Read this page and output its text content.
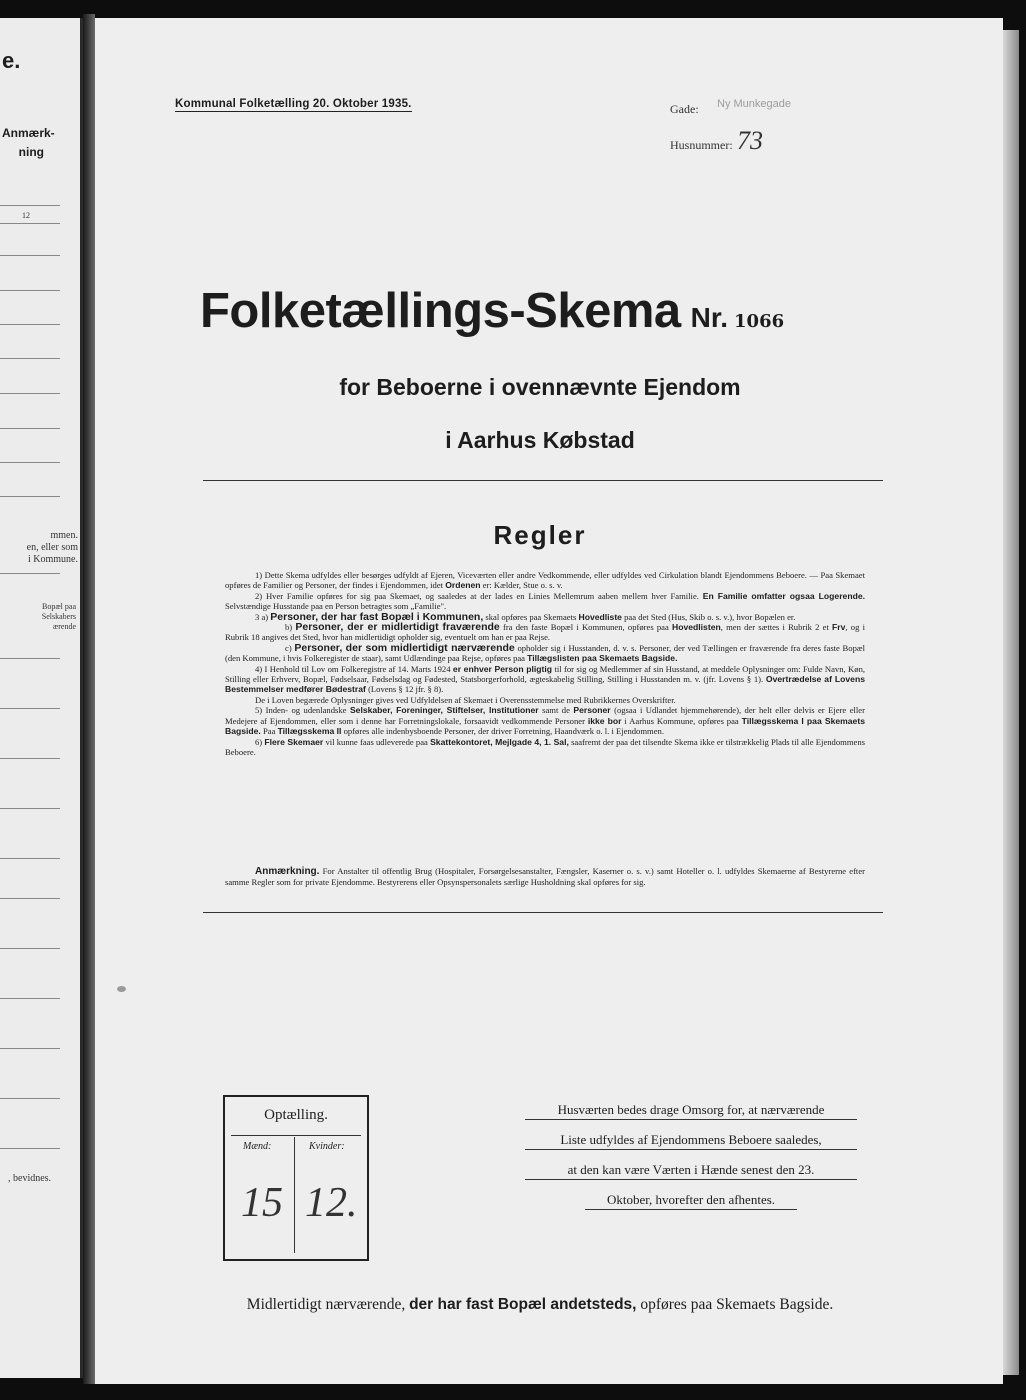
e.
Anmærk-
ning
12
mmen.
en, eller som
i Kommune.
Bopæl paa
Selskabers
ærende
, bevidnes.
Kommunal Folketælling 20. Oktober 1935.	Gade: Ny Munkegade
Husnummer: 73
Folketællings-Skema Nr. 1066
for Beboerne i ovennævnte Ejendom
i Aarhus Købstad
Regler

1) Dette Skema udfyldes eller besørges udfyldt af Ejeren, Viceværten eller andre Vedkommende, eller udfyldes ved Cirkulation blandt Ejendommens Beboere. — Paa Skemaet opføres de Familier og Personer, der findes i Ejendommen, idet Ordenen er: Kælder, Stue o. s. v.

2) Hver Familie opføres for sig paa Skemaet, og saaledes at der lades en Linies Mellemrum aaben mellem hver Familie. En Familie omfatter ogsaa Logerende. Selvstændige Husstande paa en Person betragtes som „Familie".

3 a) Personer, der har fast Bopæl i Kommunen, skal opføres paa Skemaets Hovedliste paa det Sted (Hus, Skib o. s. v.), hvor Bopælen er.

b) Personer, der er midlertidigt fraværende fra den faste Bopæl i Kommunen, opføres paa Hovedlisten, men der sættes i Rubrik 2 et Frv, og i Rubrik 18 angives det Sted, hvor han midlertidigt opholder sig, eventuelt om han er paa Rejse.

c) Personer, der som midlertidigt nærværende opholder sig i Husstanden, d. v. s. Personer, der ved Tællingen er fraværende fra deres faste Bopæl (den Kommune, i hvis Folkeregister de staar), samt Udlændinge paa Rejse, opføres paa Tillægslisten paa Skemaets Bagside.

4) I Henhold til Lov om Folkeregistre af 14. Marts 1924 er enhver Person pligtig til for sig og Medlemmer af sin Husstand, at meddele Oplysninger om: Fulde Navn, Køn, Stilling eller Erhverv, Bopæl, Fødselsaar, Fødselsdag og Fødested, Statsborgerforhold, ægteskabelig Stilling, Stilling i Husstanden m. v. (jfr. Lovens § 1). Overtrædelse af Lovens Bestemmelser medfører Bødestraf (Lovens § 12 jfr. § 8).

De i Loven begærede Oplysninger gives ved Udfyldelsen af Skemaet i Overensstemmelse med Rubrikkernes Overskrifter.

5) Inden- og udenlandske Selskaber, Foreninger, Stiftelser, Institutioner samt de Personer (ogsaa i Udlandet hjemmehørende), der helt eller delvis er Ejere eller Medejere af Ejendommen, eller som i denne har Forretningslokale, forsaavidt vedkommende Personer ikke bor i Aarhus Kommune, opføres paa Tillægsskema I paa Skemaets Bagside. Paa Tillægsskema II opføres alle indenbysboende Personer, der driver Forretning, Haandværk o. l. i Ejendommen.

6) Flere Skemaer vil kunne faas udleverede paa Skattekontoret, Mejlgade 4, 1. Sal, saafremt der paa det tilsendte Skema ikke er tilstrækkelig Plads til alle Ejendommens Beboere.

Anmærkning. For Anstalter til offentlig Brug (Hospitaler, Forsørgelsesanstalter, Fængsler, Kaserner o. s. v.) samt Hoteller o. l. udfyldes Skemaerne af Bestyrerne efter samme Regler som for private Ejendomme. Bestyrerens eller Opsynspersonalets særlige Husholdning skal opføres for sig.
Optælling.
Mænd:	Kvinder:
15 12.
Husværten bedes drage Omsorg for, at nærværende
Liste udfyldes af Ejendommens Beboere saaledes,
at den kan være Værten i Hænde senest den 23.
Oktober, hvorefter den afhentes.
Midlertidigt nærværende, der har fast Bopæl andetsteds, opføres paa Skemaets Bagside.
